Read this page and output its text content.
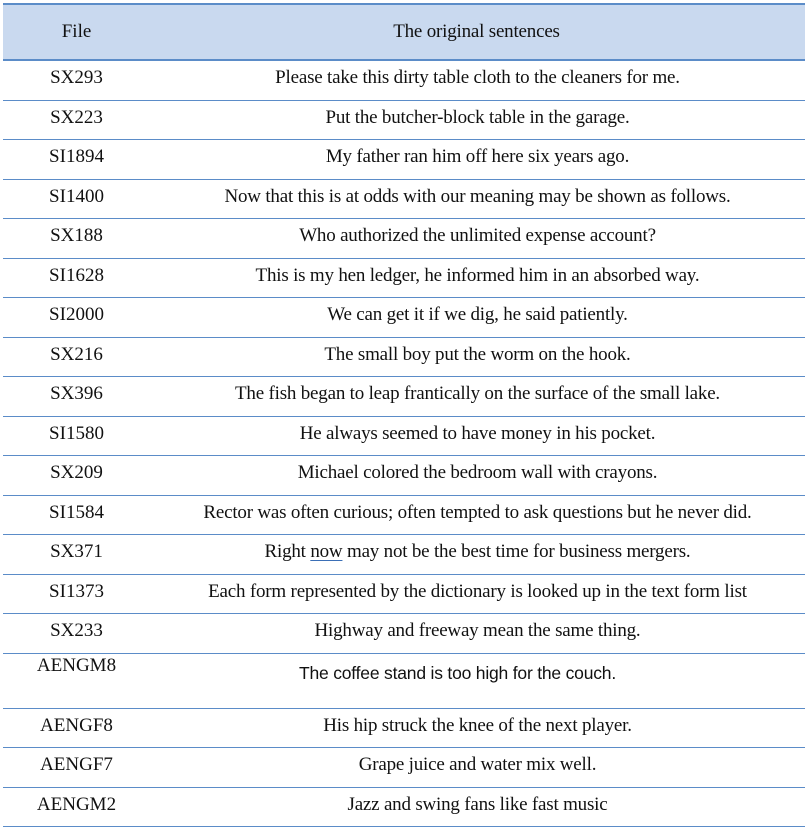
File	The original sentences
SX293	Please take this dirty table cloth to the cleaners for me.
SX223	Put the butcher-block table in the garage.
SI1894	My father ran him off here six years ago.
SI1400	Now that this is at odds with our meaning may be shown as follows.
SX188	Who authorized the unlimited expense account?
SI1628	This is my hen ledger, he informed him in an absorbed way.
SI2000	We can get it if we dig, he said patiently.
SX216	The small boy put the worm on the hook.
SX396	The fish began to leap frantically on the surface of the small lake.
SI1580	He always seemed to have money in his pocket.
SX209	Michael colored the bedroom wall with crayons.
SI1584	Rector was often curious; often tempted to ask questions but he never did.
SX371	Right now may not be the best time for business mergers.
SI1373	Each form represented by the dictionary is looked up in the text form list
SX233	Highway and freeway mean the same thing.
AENGM8	The coffee stand is too high for the couch.
AENGF8	His hip struck the knee of the next player.
AENGF7	Grape juice and water mix well.
AENGM2	Jazz and swing fans like fast music
